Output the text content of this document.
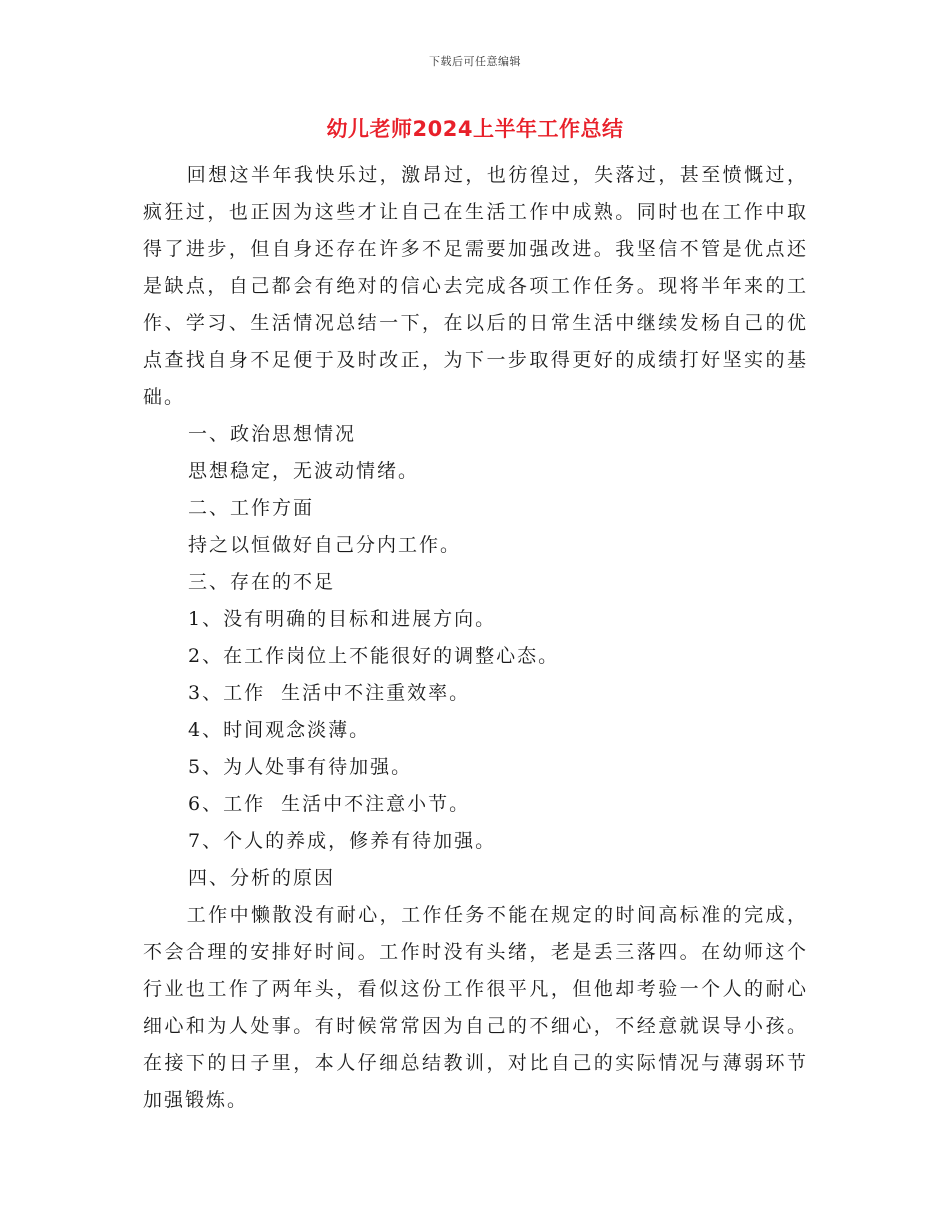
下载后可任意编辑
幼儿老师2024上半年工作总结

回想这半年我快乐过，激昂过，也彷徨过，失落过，甚至愤慨过，疯狂过，也正因为这些才让自己在生活工作中成熟。同时也在工作中取得了进步，但自身还存在许多不足需要加强改进。我坚信不管是优点还是缺点，自己都会有绝对的信心去完成各项工作任务。现将半年来的工作、学习、生活情况总结一下，在以后的日常生活中继续发杨自己的优点查找自身不足便于及时改正，为下一步取得更好的成绩打好坚实的基础。

一、政治思想情况

思想稳定，无波动情绪。

二、工作方面

持之以恒做好自己分内工作。

三、存在的不足

1、没有明确的目标和进展方向。

2、在工作岗位上不能很好的调整心态。

3、工作  生活中不注重效率。

4、时间观念淡薄。

5、为人处事有待加强。

6、工作  生活中不注意小节。

7、个人的养成，修养有待加强。

四、分析的原因

工作中懒散没有耐心，工作任务不能在规定的时间高标准的完成，不会合理的安排好时间。工作时没有头绪，老是丢三落四。在幼师这个行业也工作了两年头，看似这份工作很平凡，但他却考验一个人的耐心 细心和为人处事。有时候常常因为自己的不细心，不经意就误导小孩。在接下的日子里，本人仔细总结教训，对比自己的实际情况与薄弱环节加强锻炼。
